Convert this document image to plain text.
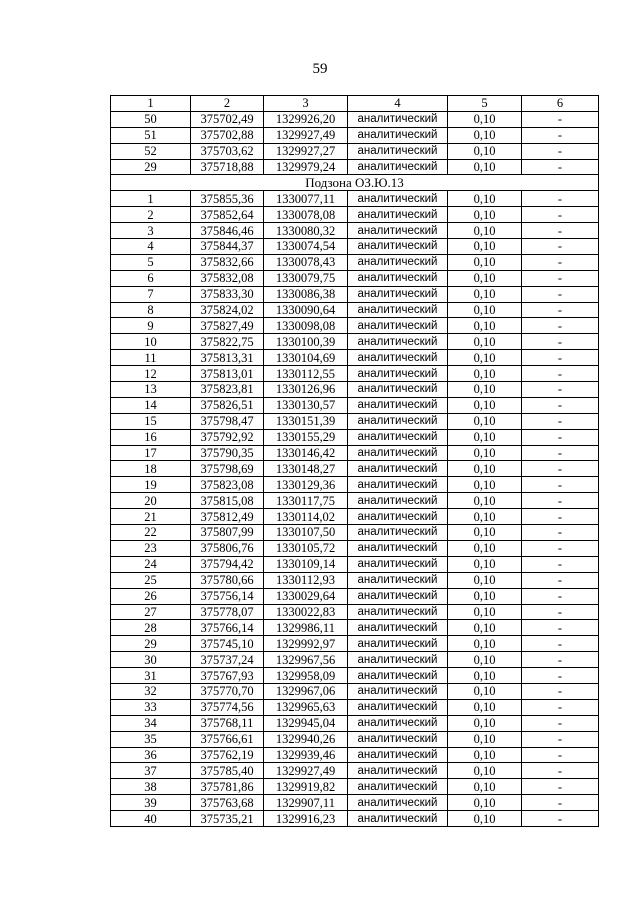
59
1	2	3	4	5	6
50	375702,49	1329926,20	аналитический	0,10	-
51	375702,88	1329927,49	аналитический	0,10	-
52	375703,62	1329927,27	аналитический	0,10	-
29	375718,88	1329979,24	аналитический	0,10	-
Подзона ОЗ.Ю.13					
1	375855,36	1330077,11	аналитический	0,10	-
2	375852,64	1330078,08	аналитический	0,10	-
3	375846,46	1330080,32	аналитический	0,10	-
4	375844,37	1330074,54	аналитический	0,10	-
5	375832,66	1330078,43	аналитический	0,10	-
6	375832,08	1330079,75	аналитический	0,10	-
7	375833,30	1330086,38	аналитический	0,10	-
8	375824,02	1330090,64	аналитический	0,10	-
9	375827,49	1330098,08	аналитический	0,10	-
10	375822,75	1330100,39	аналитический	0,10	-
11	375813,31	1330104,69	аналитический	0,10	-
12	375813,01	1330112,55	аналитический	0,10	-
13	375823,81	1330126,96	аналитический	0,10	-
14	375826,51	1330130,57	аналитический	0,10	-
15	375798,47	1330151,39	аналитический	0,10	-
16	375792,92	1330155,29	аналитический	0,10	-
17	375790,35	1330146,42	аналитический	0,10	-
18	375798,69	1330148,27	аналитический	0,10	-
19	375823,08	1330129,36	аналитический	0,10	-
20	375815,08	1330117,75	аналитический	0,10	-
21	375812,49	1330114,02	аналитический	0,10	-
22	375807,99	1330107,50	аналитический	0,10	-
23	375806,76	1330105,72	аналитический	0,10	-
24	375794,42	1330109,14	аналитический	0,10	-
25	375780,66	1330112,93	аналитический	0,10	-
26	375756,14	1330029,64	аналитический	0,10	-
27	375778,07	1330022,83	аналитический	0,10	-
28	375766,14	1329986,11	аналитический	0,10	-
29	375745,10	1329992,97	аналитический	0,10	-
30	375737,24	1329967,56	аналитический	0,10	-
31	375767,93	1329958,09	аналитический	0,10	-
32	375770,70	1329967,06	аналитический	0,10	-
33	375774,56	1329965,63	аналитический	0,10	-
34	375768,11	1329945,04	аналитический	0,10	-
35	375766,61	1329940,26	аналитический	0,10	-
36	375762,19	1329939,46	аналитический	0,10	-
37	375785,40	1329927,49	аналитический	0,10	-
38	375781,86	1329919,82	аналитический	0,10	-
39	375763,68	1329907,11	аналитический	0,10	-
40	375735,21	1329916,23	аналитический	0,10	-
